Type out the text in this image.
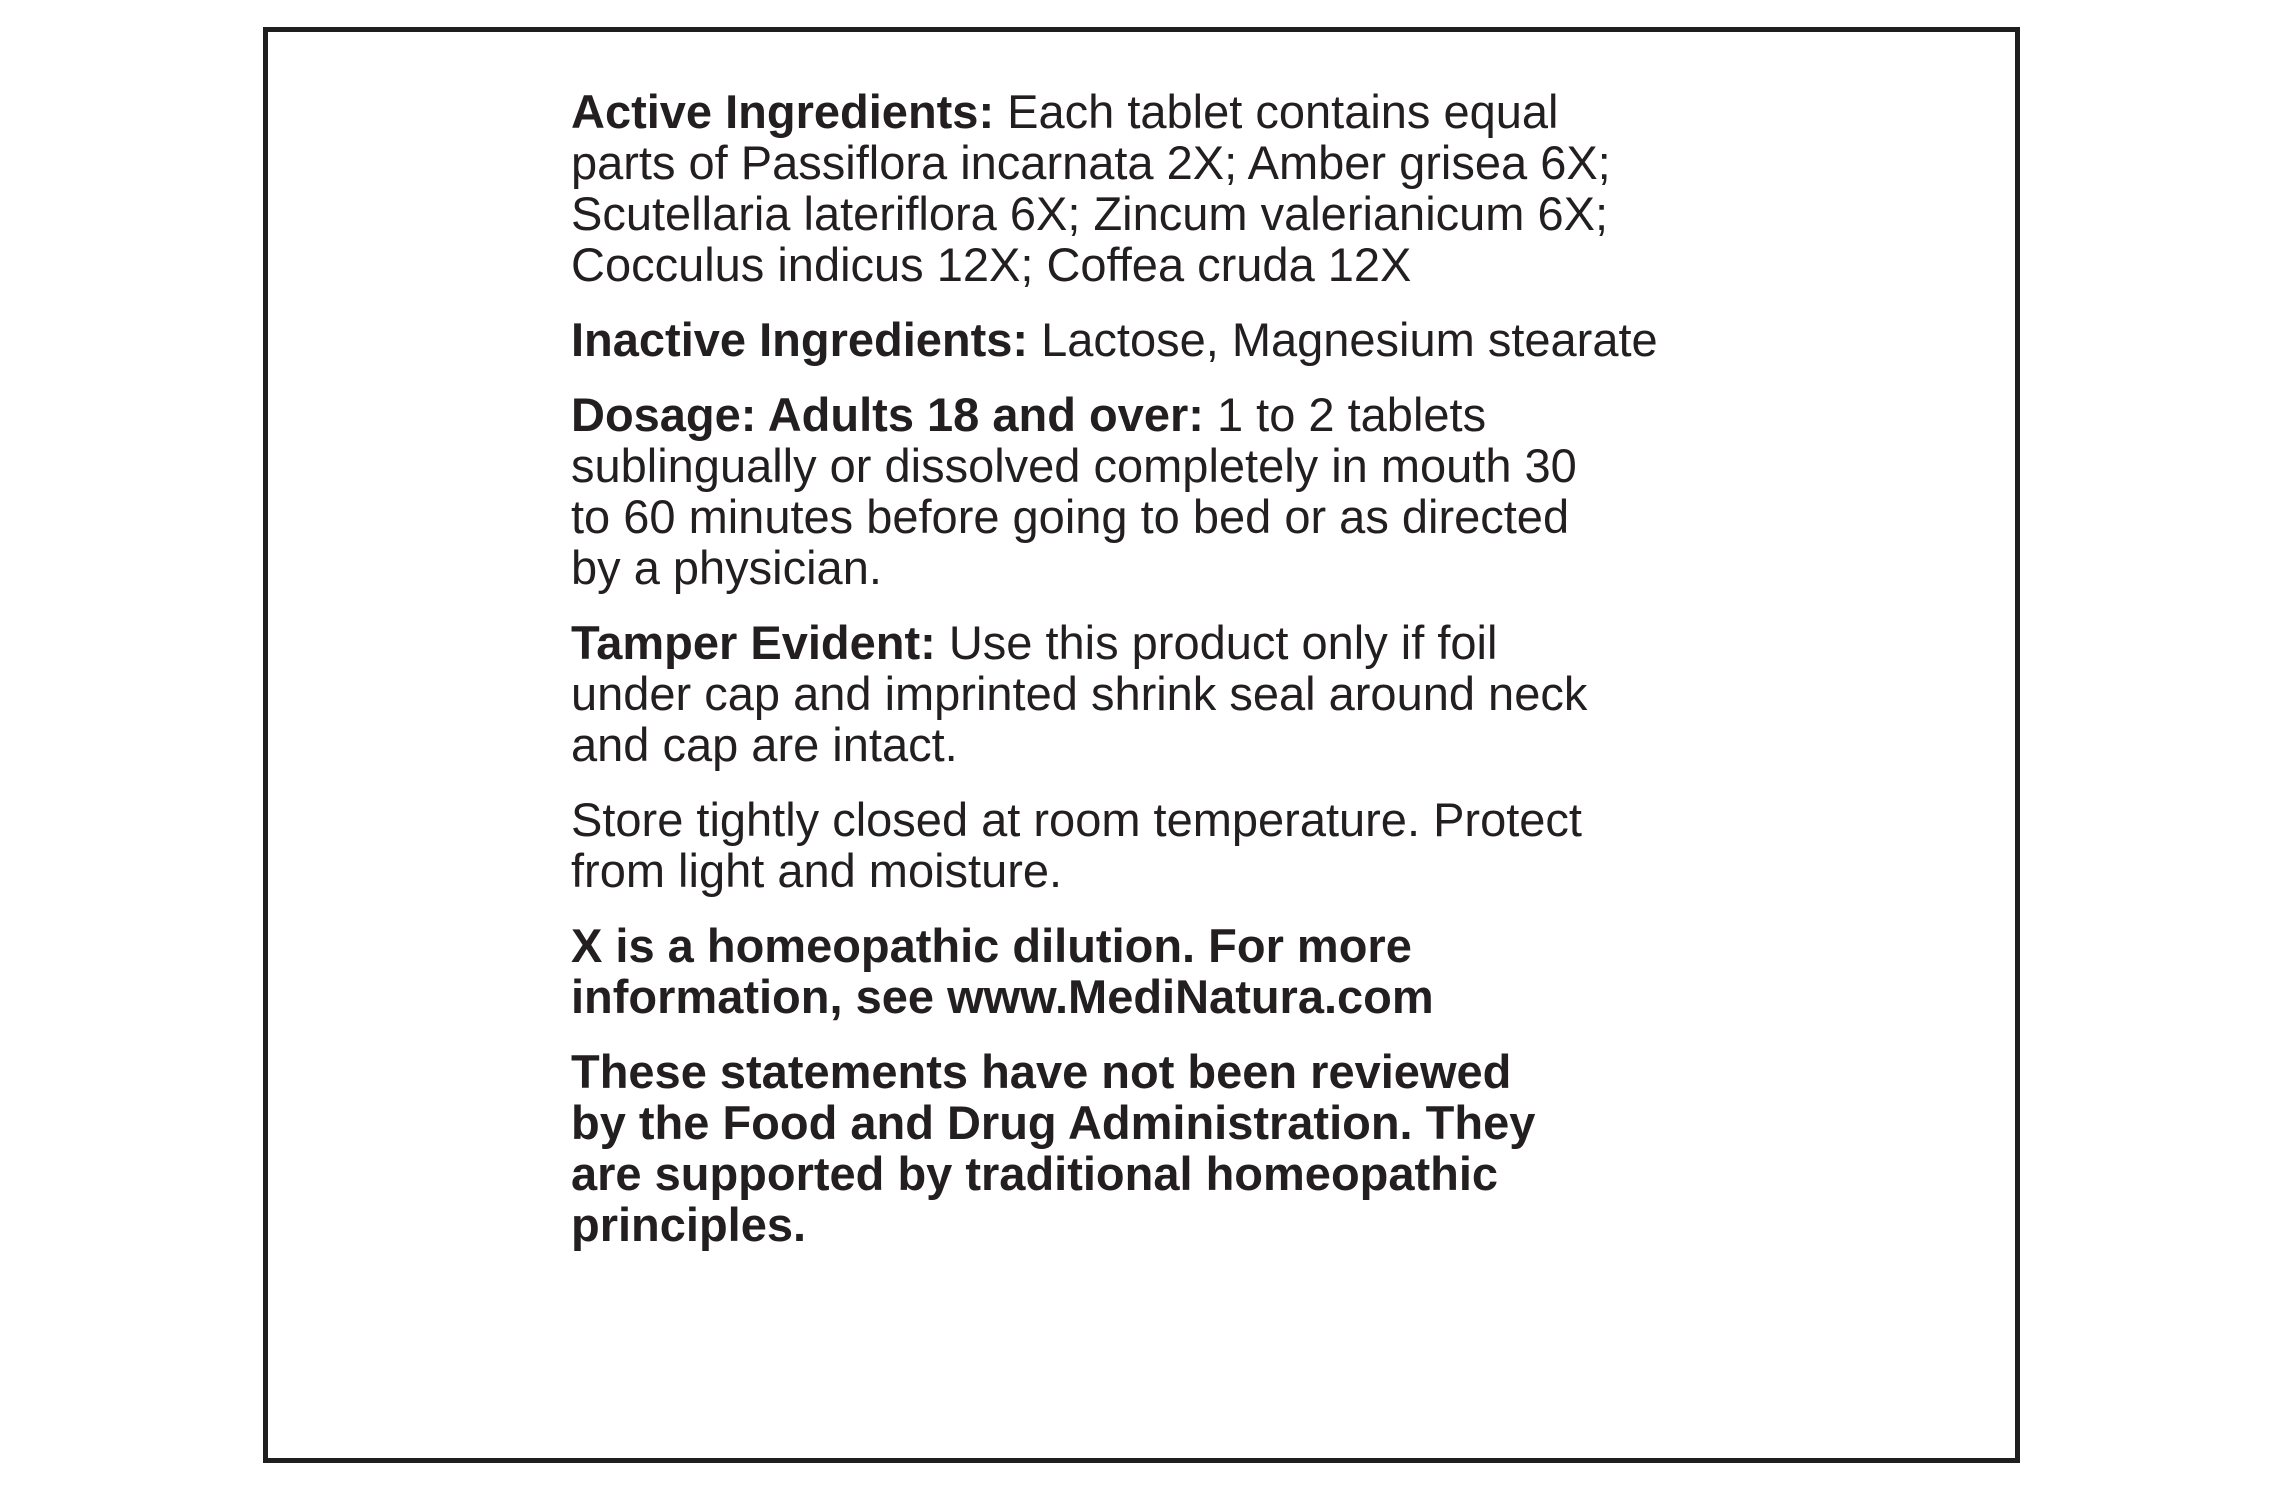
Active Ingredients: Each tablet contains equal
parts of Passiflora incarnata 2X; Amber grisea 6X;
Scutellaria lateriflora 6X; Zincum valerianicum 6X;
Cocculus indicus 12X; Coffea cruda 12X
Inactive Ingredients: Lactose, Magnesium stearate
Dosage: Adults 18 and over: 1 to 2 tablets
sublingually or dissolved completely in mouth 30
to 60 minutes before going to bed or as directed
by a physician.
Tamper Evident: Use this product only if foil
under cap and imprinted shrink seal around neck
and cap are intact.
Store tightly closed at room temperature. Protect
from light and moisture.
X is a homeopathic dilution. For more
information, see www.MediNatura.com
These statements have not been reviewed
by the Food and Drug Administration. They
are supported by traditional homeopathic
principles.
